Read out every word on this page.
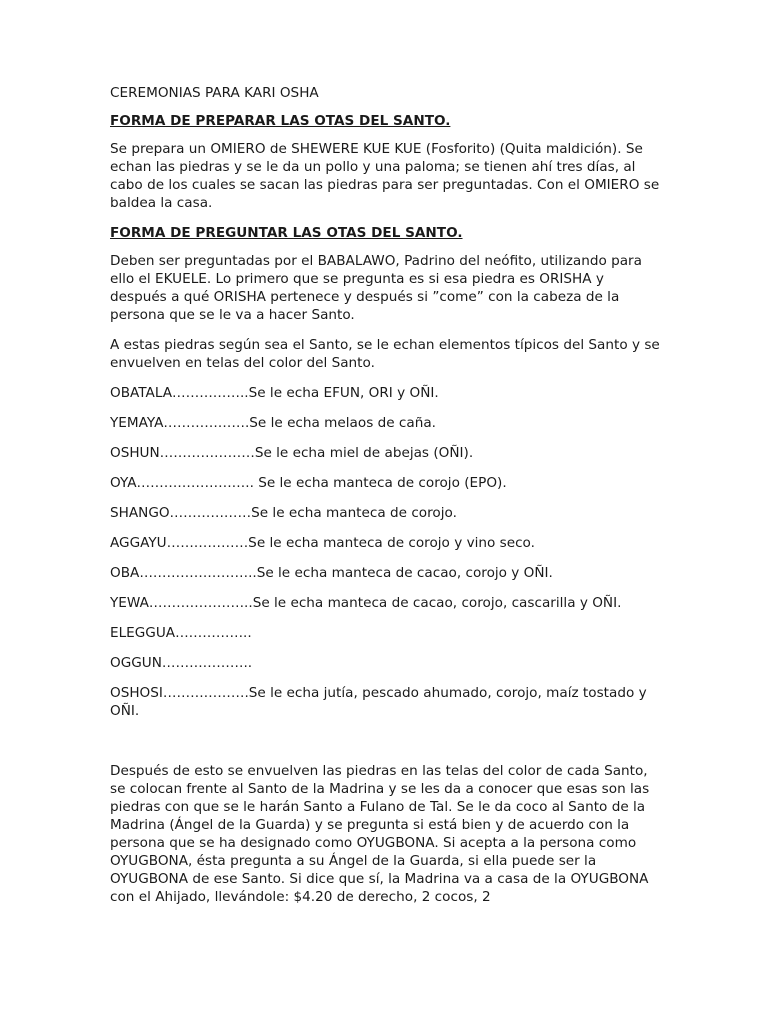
CEREMONIAS PARA KARI OSHA

FORMA DE PREPARAR LAS OTAS DEL SANTO.

Se prepara un OMIERO de SHEWERE KUE KUE (Fosforito) (Quita maldición). Se echan las piedras y se le da un pollo y una paloma; se tienen ahí tres días, al cabo de los cuales se sacan las piedras para ser preguntadas. Con el OMIERO se baldea la casa.

FORMA DE PREGUNTAR LAS OTAS DEL SANTO.

Deben ser preguntadas por el BABALAWO, Padrino del neófito, utilizando para ello el EKUELE. Lo primero que se pregunta es si esa piedra es ORISHA y después a qué ORISHA pertenece y después si ”come” con la cabeza de la persona que se le va a hacer Santo.

A estas piedras según sea el Santo, se le echan elementos típicos del Santo y se envuelven en telas del color del Santo.

OBATALA……………..Se le echa EFUN, ORI y OÑI.

YEMAYA……………….Se le echa melaos de caña.

OSHUN…………………Se le echa miel de abejas (OÑI).

OYA…………………….. Se le echa manteca de corojo (EPO).

SHANGO………………Se le echa manteca de corojo.

AGGAYU………………Se le echa manteca de corojo y vino seco.

OBA……………………..Se le echa manteca de cacao, corojo y OÑI.

YEWA…………………..Se le echa manteca de cacao, corojo, cascarilla y OÑI.

ELEGGUA……………..

OGGUN………………..

OSHOSI……………….Se le echa jutía, pescado ahumado, corojo, maíz tostado y OÑI.

Después de esto se envuelven las piedras en las telas del color de cada Santo, se colocan frente al Santo de la Madrina y se les da a conocer que esas son las piedras con que se le harán Santo a Fulano de Tal. Se le da coco al Santo de la Madrina (Ángel de la Guarda) y se pregunta si está bien y de acuerdo con la persona que se ha designado como OYUGBONA. Si acepta a la persona como OYUGBONA, ésta pregunta a su Ángel de la Guarda, si ella puede ser la OYUGBONA de ese Santo. Si dice que sí, la Madrina va a casa de la OYUGBONA con el Ahijado, llevándole: $4.20 de derecho, 2 cocos, 2
